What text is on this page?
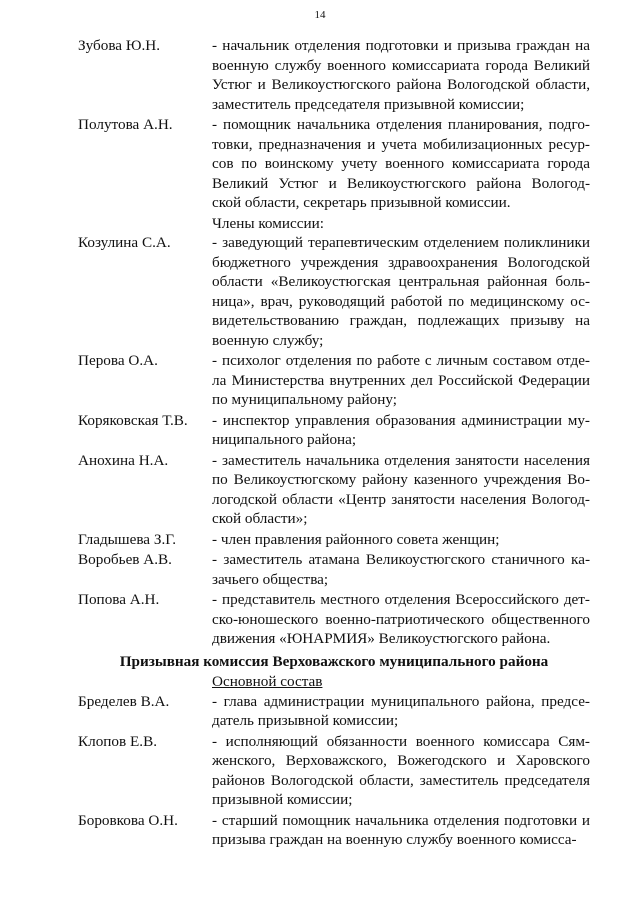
14
Зубова Ю.Н.	- начальник отделения подготовки и призыва граждан на
военную службу военного комиссариата города Великий
Устюг и Великоустюгского района Вологодской области,
заместитель председателя призывной комиссии;
Полутова А.Н.	- помощник начальника отделения планирования, подго-
товки, предназначения и учета мобилизационных ресур-
сов по воинскому учету военного комиссариата города
Великий Устюг и Великоустюгского района Вологод-
ской области, секретарь призывной комиссии.
Члены комиссии:
Козулина С.А.	- заведующий терапевтическим отделением поликлиники
бюджетного учреждения здравоохранения Вологодской
области «Великоустюгская центральная районная боль-
ница», врач, руководящий работой по медицинскому ос-
видетельствованию граждан, подлежащих призыву на
военную службу;
Перова О.А.	- психолог отделения по работе с личным составом отде-
ла Министерства внутренних дел Российской Федерации
по муниципальному району;
Коряковская Т.В.	- инспектор управления образования администрации му-
ниципального района;
Анохина Н.А.	- заместитель начальника отделения занятости населения
по Великоустюгскому району казенного учреждения Во-
логодской области «Центр занятости населения Вологод-
ской области»;
Гладышева З.Г.	- член правления районного совета женщин;
Воробьев А.В.	- заместитель атамана Великоустюгского станичного ка-
зачьего общества;
Попова А.Н.	- представитель местного отделения Всероссийского дет-
ско-юношеского военно-патриотического общественного
движения «ЮНАРМИЯ» Великоустюгского района.
Призывная комиссия Верховажского муниципального района
Основной состав
Бределев В.А.	- глава администрации муниципального района, предсе-
датель призывной комиссии;
Клопов Е.В.	- исполняющий обязанности военного комиссара Сям-
женского, Верховажского, Вожегодского и Харовского
районов Вологодской области, заместитель председателя
призывной комиссии;
Боровкова О.Н.	- старший помощник начальника отделения подготовки и
призыва граждан на военную службу военного комисса-
